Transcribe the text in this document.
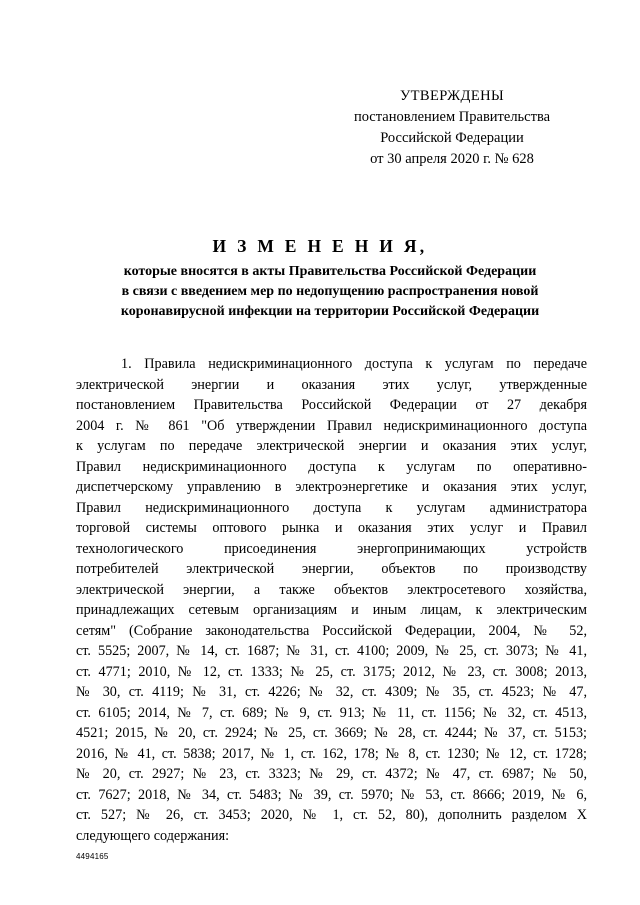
УТВЕРЖДЕНЫ
постановлением Правительства
Российской Федерации
от 30 апреля 2020 г. № 628
И З М Е Н Е Н И Я,
которые вносятся в акты Правительства Российской Федерации
в связи с введением мер по недопущению распространения новой
коронавирусной инфекции на территории Российской Федерации
1. Правила недискриминационного доступа к услугам по передаче
электрической энергии и оказания этих услуг, утвержденные
постановлением Правительства Российской Федерации от 27 декабря
2004 г. № 861 "Об утверждении Правил недискриминационного доступа
к услугам по передаче электрической энергии и оказания этих услуг,
Правил недискриминационного доступа к услугам по оперативно-
диспетчерскому управлению в электроэнергетике и оказания этих услуг,
Правил недискриминационного доступа к услугам администратора
торговой системы оптового рынка и оказания этих услуг и Правил
технологического присоединения энергопринимающих устройств
потребителей электрической энергии, объектов по производству
электрической энергии, а также объектов электросетевого хозяйства,
принадлежащих сетевым организациям и иным лицам, к электрическим
сетям" (Собрание законодательства Российской Федерации, 2004, № 52,
ст. 5525; 2007, № 14, ст. 1687; № 31, ст. 4100; 2009, № 25, ст. 3073; № 41,
ст. 4771; 2010, № 12, ст. 1333; № 25, ст. 3175; 2012, № 23, ст. 3008; 2013,
№ 30, ст. 4119; № 31, ст. 4226; № 32, ст. 4309; № 35, ст. 4523; № 47,
ст. 6105; 2014, № 7, ст. 689; № 9, ст. 913; № 11, ст. 1156; № 32, ст. 4513,
4521; 2015, № 20, ст. 2924; № 25, ст. 3669; № 28, ст. 4244; № 37, ст. 5153;
2016, № 41, ст. 5838; 2017, № 1, ст. 162, 178; № 8, ст. 1230; № 12, ст. 1728;
№ 20, ст. 2927; № 23, ст. 3323; № 29, ст. 4372; № 47, ст. 6987; № 50,
ст. 7627; 2018, № 34, ст. 5483; № 39, ст. 5970; № 53, ст. 8666; 2019, № 6,
ст. 527; № 26, ст. 3453; 2020, № 1, ст. 52, 80), дополнить разделом X
следующего содержания:
4494165
